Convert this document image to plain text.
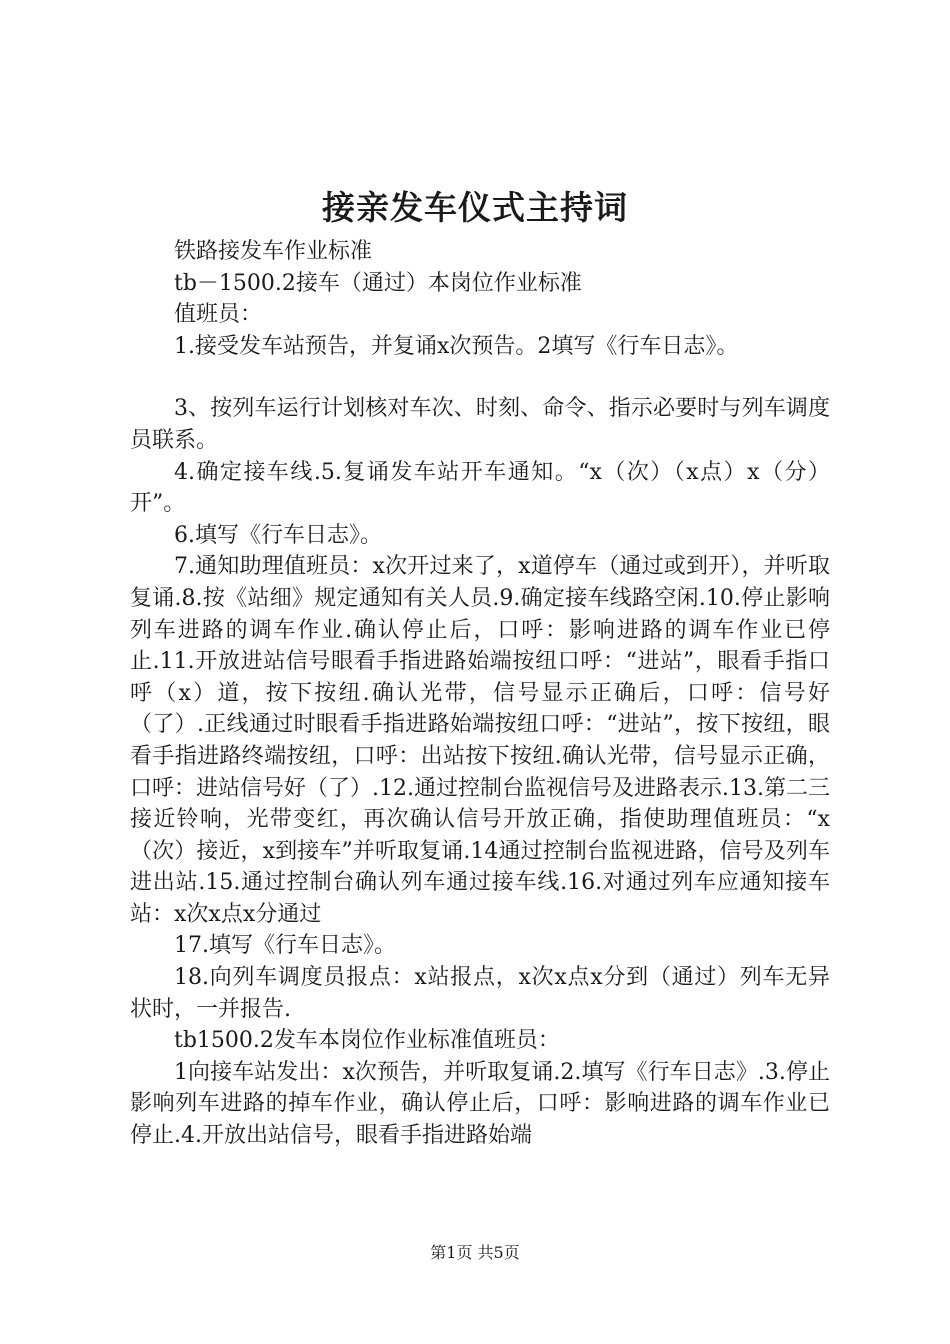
接亲发车仪式主持词

铁路接发车作业标准

tb－1500.2接车（通过）本岗位作业标准

值班员：

1.接受发车站预告，并复诵x次预告。2填写《行车日志》。

3、按列车运行计划核对车次、时刻、命令、指示必要时与列车调度员联系。

4.确定接车线.5.复诵发车站开车通知。“x（次）（x点）x（分）开”。

6.填写《行车日志》。

7.通知助理值班员：x次开过来了，x道停车（通过或到开），并听取复诵.8.按《站细》规定通知有关人员.9.确定接车线路空闲.10.停止影响列车进路的调车作业.确认停止后，口呼：影响进路的调车作业已停止.11.开放进站信号眼看手指进路始端按纽口呼：“进站”，眼看手指口呼（x）道，按下按纽.确认光带，信号显示正确后，口呼：信号好（了）.正线通过时眼看手指进路始端按纽口呼：“进站”，按下按纽，眼看手指进路终端按纽，口呼：出站按下按纽.确认光带，信号显示正确，口呼：进站信号好（了）.12.通过控制台监视信号及进路表示.13.第二三接近铃响，光带变红，再次确认信号开放正确，指使助理值班员：“x（次）接近，x到接车”并听取复诵.14通过控制台监视进路，信号及列车进出站.15.通过控制台确认列车通过接车线.16.对通过列车应通知接车站：x次x点x分通过

17.填写《行车日志》。

18.向列车调度员报点：x站报点，x次x点x分到（通过）列车无异状时，一并报告.

tb1500.2发车本岗位作业标准值班员：

1向接车站发出：x次预告，并听取复诵.2.填写《行车日志》.3.停止影响列车进路的掉车作业，确认停止后，口呼：影响进路的调车作业已停止.4.开放出站信号，眼看手指进路始端

第1页 共5页
